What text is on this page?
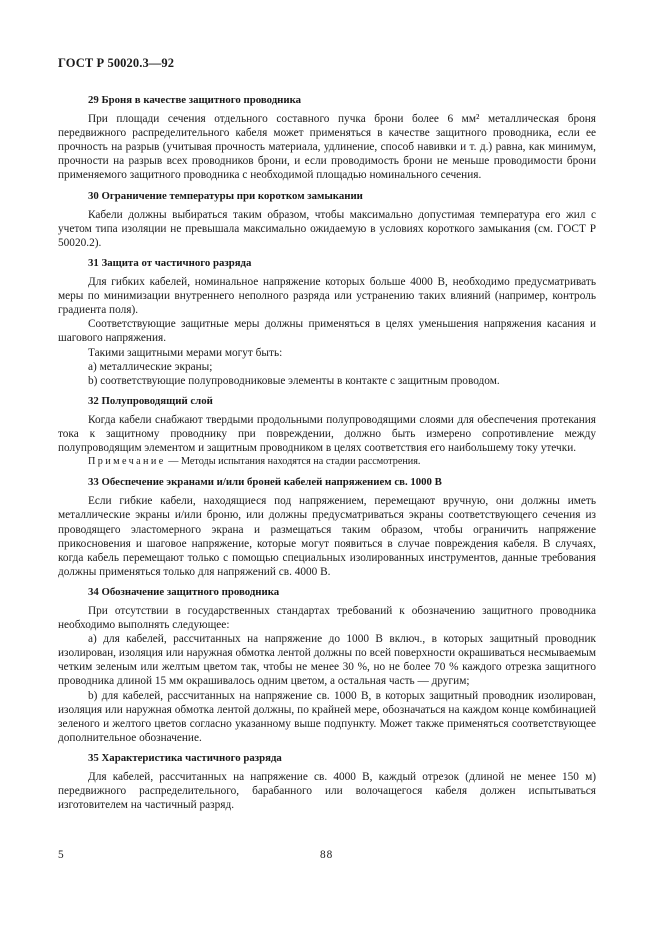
ГОСТ Р 50020.3—92

29 Броня в качестве защитного проводника

При площади сечения отдельного составного пучка брони более 6 мм² металлическая броня передвижного распределительного кабеля может применяться в качестве защитного проводника, если ее прочность на разрыв (учитывая прочность материала, удлинение, способ навивки и т. д.) равна, как минимум, прочности на разрыв всех проводников брони, и если проводимость брони не меньше проводимости брони применяемого защитного проводника с необходимой площадью номинального сечения.

30 Ограничение температуры при коротком замыкании

Кабели должны выбираться таким образом, чтобы максимально допустимая температура его жил с учетом типа изоляции не превышала максимально ожидаемую в условиях короткого замыкания (см. ГОСТ Р 50020.2).

31 Защита от частичного разряда

Для гибких кабелей, номинальное напряжение которых больше 4000 В, необходимо предусматривать меры по минимизации внутреннего неполного разряда или устранению таких влияний (например, контроль градиента поля).

Соответствующие защитные меры должны применяться в целях уменьшения напряжения касания и шагового напряжения.

Такими защитными мерами могут быть:

а) металлические экраны;

b) соответствующие полупроводниковые элементы в контакте с защитным проводом.

32 Полупроводящий слой

Когда кабели снабжают твердыми продольными полупроводящими слоями для обеспечения протекания тока к защитному проводнику при повреждении, должно быть измерено сопротивление между полупроводящим элементом и защитным проводником в целях соответствия его наибольшему току утечки.

Примечание — Методы испытания находятся на стадии рассмотрения.

33 Обеспечение экранами и/или броней кабелей напряжением св. 1000 В

Если гибкие кабели, находящиеся под напряжением, перемещают вручную, они должны иметь металлические экраны и/или броню, или должны предусматриваться экраны соответствующего сечения из проводящего эластомерного экрана и размещаться таким образом, чтобы ограничить напряжение прикосновения и шаговое напряжение, которые могут появиться в случае повреждения кабеля. В случаях, когда кабель перемещают только с помощью специальных изолированных инструментов, данные требования должны применяться только для напряжений св. 4000 В.

34 Обозначение защитного проводника

При отсутствии в государственных стандартах требований к обозначению защитного проводника необходимо выполнять следующее:

а) для кабелей, рассчитанных на напряжение до 1000 В включ., в которых защитный проводник изолирован, изоляция или наружная обмотка лентой должны по всей поверхности окрашиваться несмываемым четким зеленым или желтым цветом так, чтобы не менее 30 %, но не более 70 % каждого отрезка защитного проводника длиной 15 мм окрашивалось одним цветом, а остальная часть — другим;

b) для кабелей, рассчитанных на напряжение св. 1000 В, в которых защитный проводник изолирован, изоляция или наружная обмотка лентой должны, по крайней мере, обозначаться на каждом конце комбинацией зеленого и желтого цветов согласно указанному выше подпункту. Может также применяться соответствующее дополнительное обозначение.

35 Характеристика частичного разряда

Для кабелей, рассчитанных на напряжение св. 4000 В, каждый отрезок (длиной не менее 150 м) передвижного распределительного, барабанного или волочащегося кабеля должен испытываться изготовителем на частичный разряд.

5	88
